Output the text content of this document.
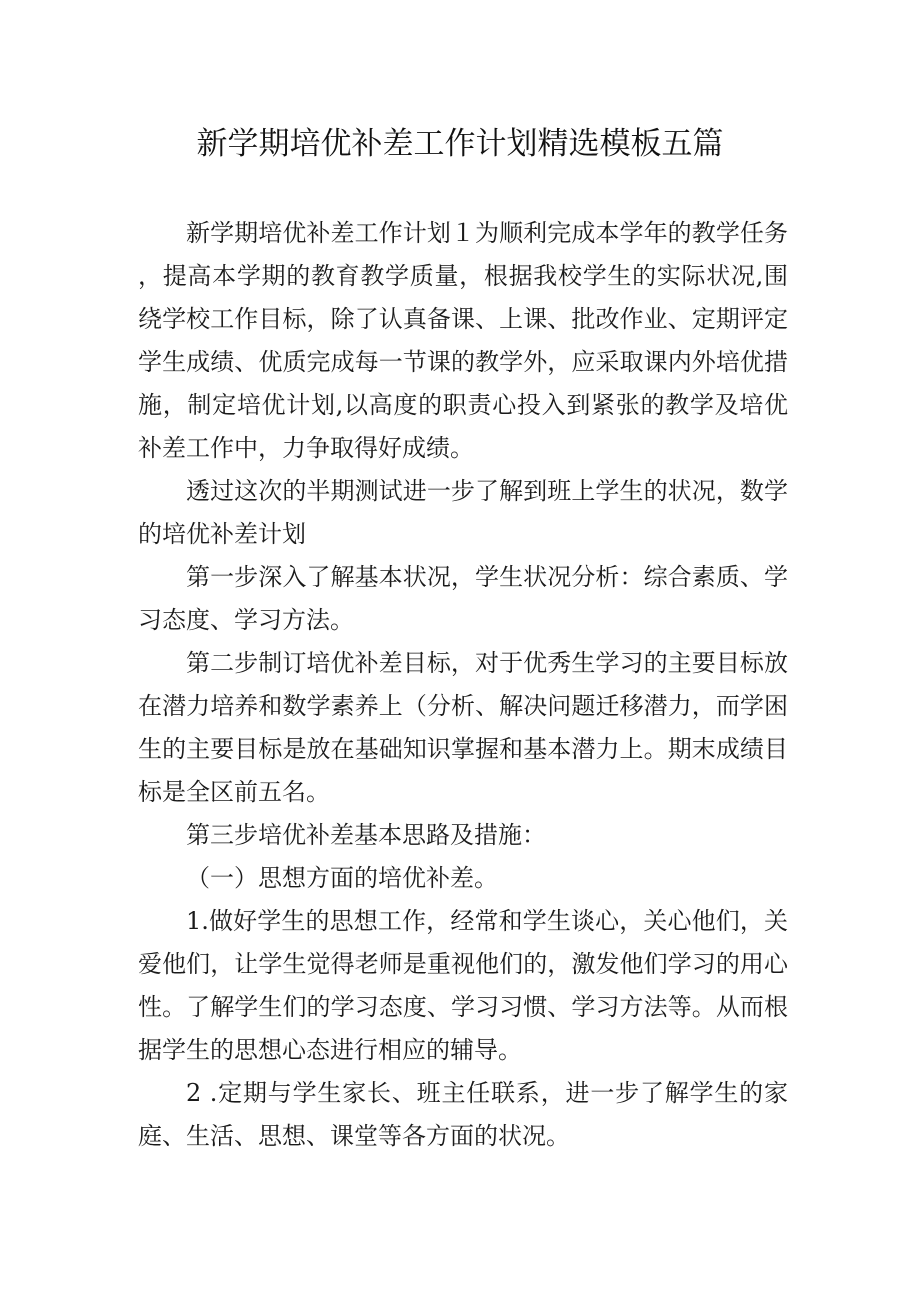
新学期培优补差工作计划精选模板五篇

新学期培优补差工作计划１为顺利完成本学年的教学任务，提高本学期的教育教学质量，根据我校学生的实际状况,围绕学校工作目标，除了认真备课、上课、批改作业、定期评定学生成绩、优质完成每一节课的教学外，应采取课内外培优措施，制定培优计划,以高度的职责心投入到紧张的教学及培优补差工作中，力争取得好成绩。

透过这次的半期测试进一步了解到班上学生的状况，数学的培优补差计划

第一步深入了解基本状况，学生状况分析：综合素质、学习态度、学习方法。

第二步制订培优补差目标，对于优秀生学习的主要目标放在潜力培养和数学素养上（分析、解决问题迁移潜力，而学困生的主要目标是放在基础知识掌握和基本潜力上。期末成绩目标是全区前五名。

第三步培优补差基本思路及措施：

（一）思想方面的培优补差。

1.做好学生的思想工作，经常和学生谈心，关心他们，关爱他们，让学生觉得老师是重视他们的，激发他们学习的用心性。了解学生们的学习态度、学习习惯、学习方法等。从而根据学生的思想心态进行相应的辅导。

2 .定期与学生家长、班主任联系，进一步了解学生的家庭、生活、思想、课堂等各方面的状况。
